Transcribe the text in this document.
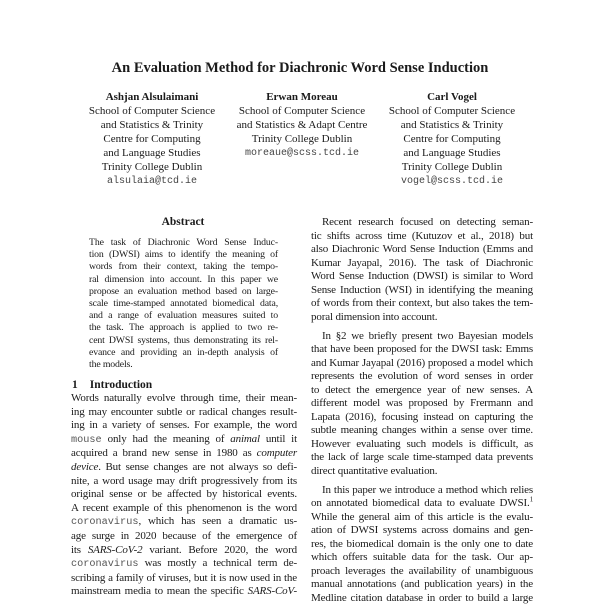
An Evaluation Method for Diachronic Word Sense Induction
Ashjan Alsulaimani
School of Computer Science
and Statistics & Trinity
Centre for Computing
and Language Studies
Trinity College Dublin
alsulaia@tcd.ie
Erwan Moreau
School of Computer Science
and Statistics & Adapt Centre
Trinity College Dublin
moreaue@scss.tcd.ie
Carl Vogel
School of Computer Science
and Statistics & Trinity
Centre for Computing
and Language Studies
Trinity College Dublin
vogel@scss.tcd.ie
Abstract
The task of Diachronic Word Sense Induc-
tion (DWSI) aims to identify the meaning of
words from their context, taking the tempo-
ral dimension into account. In this paper we
propose an evaluation method based on large-
scale time-stamped annotated biomedical data,
and a range of evaluation measures suited to
the task. The approach is applied to two re-
cent DWSI systems, thus demonstrating its rel-
evance and providing an in-depth analysis of
the models.
1 Introduction
Words naturally evolve through time, their mean-
ing may encounter subtle or radical changes result-
ing in a variety of senses. For example, the word
mouse only had the meaning of animal until it
acquired a brand new sense in 1980 as computer
device. But sense changes are not always so defi-
nite, a word usage may drift progressively from its
original sense or be affected by historical events.
A recent example of this phenomenon is the word
coronavirus, which has seen a dramatic us-
age surge in 2020 because of the emergence of
its SARS-CoV-2 variant. Before 2020, the word
coronavirus was mostly a technical term de-
scribing a family of viruses, but it is now used in the
mainstream media to mean the specific SARS-CoV-
Recent research focused on detecting seman-
tic shifts across time (Kutuzov et al., 2018) but
also Diachronic Word Sense Induction (Emms and
Kumar Jayapal, 2016). The task of Diachronic
Word Sense Induction (DWSI) is similar to Word
Sense Induction (WSI) in identifying the meaning
of words from their context, but also takes the tem-
poral dimension into account.
In §2 we briefly present two Bayesian models
that have been proposed for the DWSI task: Emms
and Kumar Jayapal (2016) proposed a model which
represents the evolution of word senses in order
to detect the emergence year of new senses. A
different model was proposed by Frermann and
Lapata (2016), focusing instead on capturing the
subtle meaning changes within a sense over time.
However evaluating such models is difficult, as
the lack of large scale time-stamped data prevents
direct quantitative evaluation.
In this paper we introduce a method which relies
on annotated biomedical data to evaluate DWSI.$^1$
While the general aim of this article is the evalu-
ation of DWSI systems across domains and gen-
res, the biomedical domain is the only one to date
which offers suitable data for the task. Our ap-
proach leverages the availability of unambiguous
manual annotations (and publication years) in the
Medline citation database in order to build a large
